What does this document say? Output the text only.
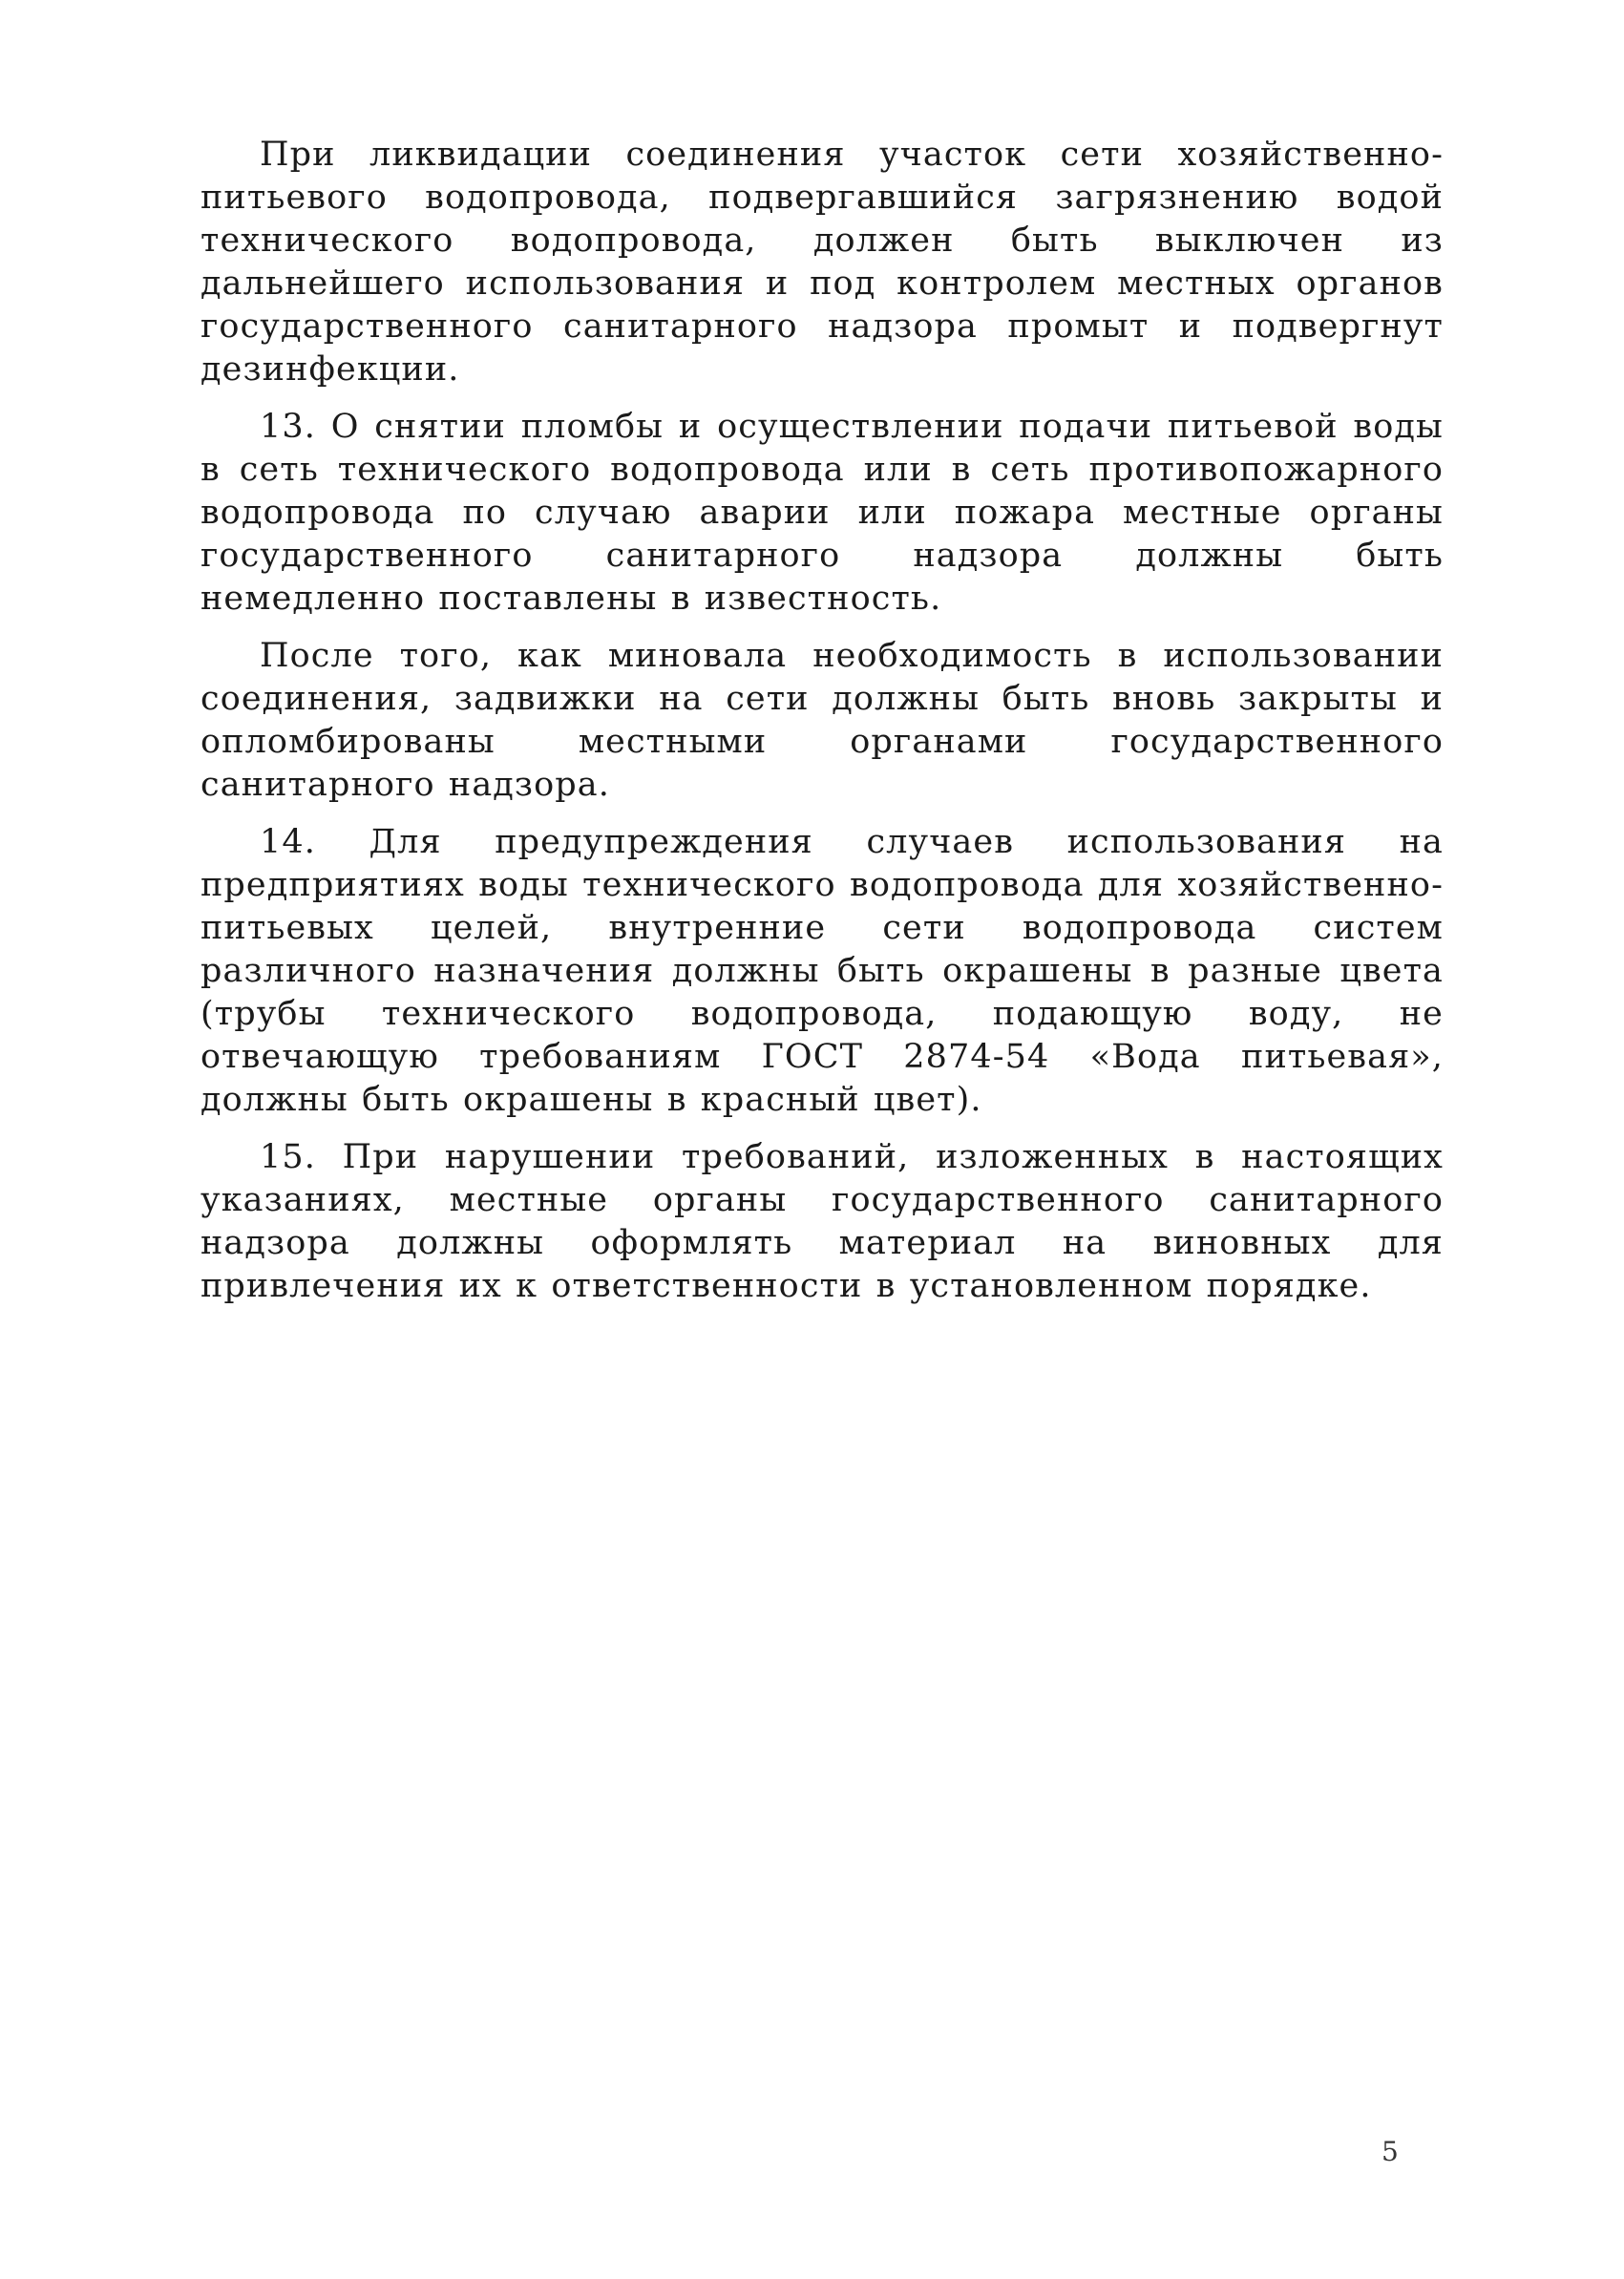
При ликвидации соединения участок сети хозяйственно-питьевого водопровода, подвергавшийся загрязнению водой технического водопровода, должен быть выключен из дальнейшего использования и под контролем местных органов государственного санитарного надзора промыт и подвергнут дезинфекции.

13. О снятии пломбы и осуществлении подачи питьевой воды в сеть технического водопровода или в сеть противопожарного водопровода по случаю аварии или пожара местные органы государственного санитарного надзора должны быть немедленно поставлены в известность.

После того, как миновала необходимость в использовании соединения, задвижки на сети должны быть вновь закрыты и опломбированы местными органами государственного санитарного надзора.

14. Для предупреждения случаев использования на предприятиях воды технического водопровода для хозяйственно-питьевых целей, внутренние сети водопровода систем различного назначения должны быть окрашены в разные цвета (трубы технического водопровода, подающую воду, не отвечающую требованиям ГОСТ 2874-54 «Вода питьевая», должны быть окрашены в красный цвет).

15. При нарушении требований, изложенных в настоящих указаниях, местные органы государственного санитарного надзора должны оформлять материал на виновных для привлечения их к ответственности в установленном порядке.

5
